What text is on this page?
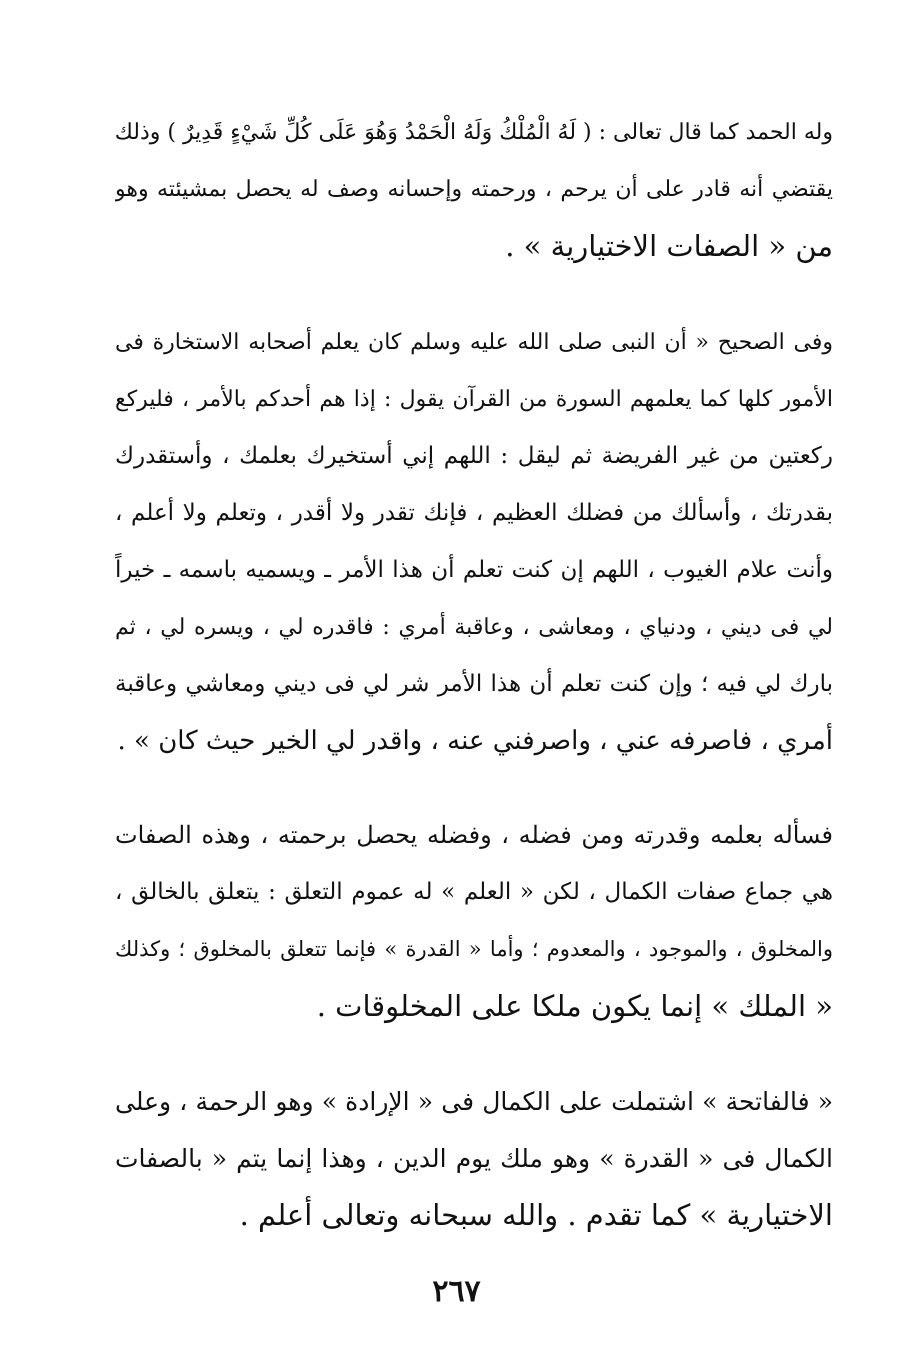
وله الحمد كما قال تعالى : ( لَهُ الْمُلْكُ وَلَهُ الْحَمْدُ وَهُوَ عَلَى كُلِّ شَيْءٍ قَدِيرٌ ) وذلك
يقتضي أنه قادر على أن يرحم ، ورحمته وإحسانه وصف له يحصل بمشيئته وهو
من « الصفات الاختيارية » .
وفى الصحيح « أن النبى صلى الله عليه وسلم كان يعلم أصحابه الاستخارة فى
الأمور كلها كما يعلمهم السورة من القرآن يقول : إذا هم أحدكم بالأمر ، فليركع
ركعتين من غير الفريضة ثم ليقل : اللهم إني أستخيرك بعلمك ، وأستقدرك
بقدرتك ، وأسألك من فضلك العظيم ، فإنك تقدر ولا أقدر ، وتعلم ولا أعلم ،
وأنت علام الغيوب ، اللهم إن كنت تعلم أن هذا الأمر ـ ويسميه باسمه ـ خيراً
لي فى ديني ، ودنياي ، ومعاشى ، وعاقبة أمري : فاقدره لي ، ويسره لي ، ثم
بارك لي فيه ؛ وإن كنت تعلم أن هذا الأمر شر لي فى ديني ومعاشي وعاقبة
أمري ، فاصرفه عني ، واصرفني عنه ، واقدر لي الخير حيث كان » .
فسأله بعلمه وقدرته ومن فضله ، وفضله يحصل برحمته ، وهذه الصفات
هي جماع صفات الكمال ، لكن « العلم » له عموم التعلق : يتعلق بالخالق ،
والمخلوق ، والموجود ، والمعدوم ؛ وأما « القدرة » فإنما تتعلق بالمخلوق ؛ وكذلك
« الملك » إنما يكون ملكا على المخلوقات .
« فالفاتحة » اشتملت على الكمال فى « الإرادة » وهو الرحمة ، وعلى
الكمال فى « القدرة » وهو ملك يوم الدين ، وهذا إنما يتم « بالصفات
الاختيارية » كما تقدم . والله سبحانه وتعالى أعلم .
٢٦٧
